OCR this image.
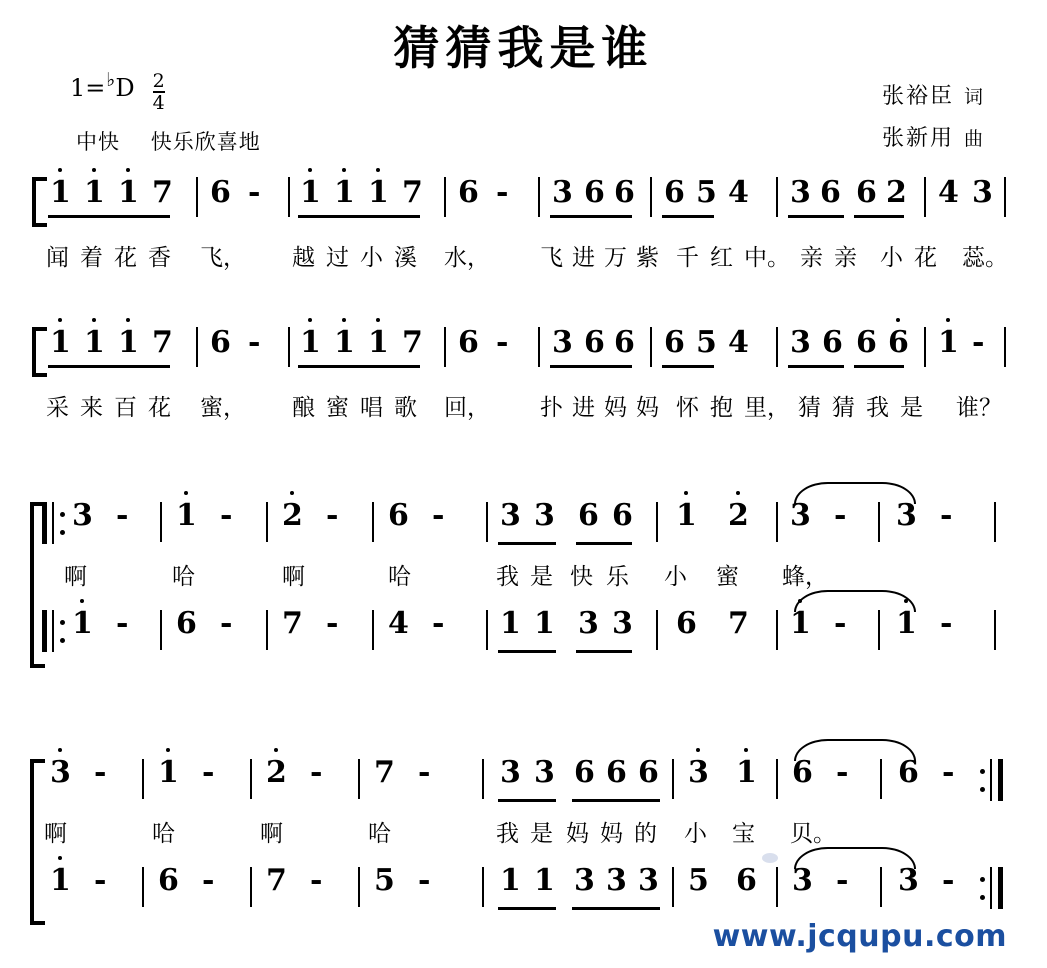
猜猜我是谁
1= ♭ D $\frac{2}{4}$
中快 快乐欣喜地
张裕臣 词
张新用 曲
1 1 1 7 6 - 1 1 1 7 6 - 3 6 6 6 5 4 3 6 6 2 4 3
闻 着 花 香 飞， 越 过 小 溪 水， 飞 进 万 紫 千 红 中。 亲 亲 小 花 蕊。
1 1 1 7 6 - 1 1 1 7 6 - 3 6 6 6 5 4 3 6 6 6 1 -
采 来 百 花 蜜， 酿 蜜 唱 歌 回， 扑 进 妈 妈 怀 抱 里， 猜 猜 我 是 谁？
3 - 1 - 2 - 6 - 3 3 6 6 1 2 3 - 3 -
啊	哈	啊	哈	我 是 快 乐 小 蜜 蜂，
1 - 6 - 7 - 4 - 1 1 3 3 6 7 1 - 1 -
3 - 1 - 2 - 7 - 3 3 6 6 6 3 1 6 - 6 -
啊	哈	啊	哈	我 是 妈 妈 的 小 宝 贝。
1 - 6 - 7 - 5 - 1 1 3 3 3 5 6 3 - 3 -
www.jcqupu.com
